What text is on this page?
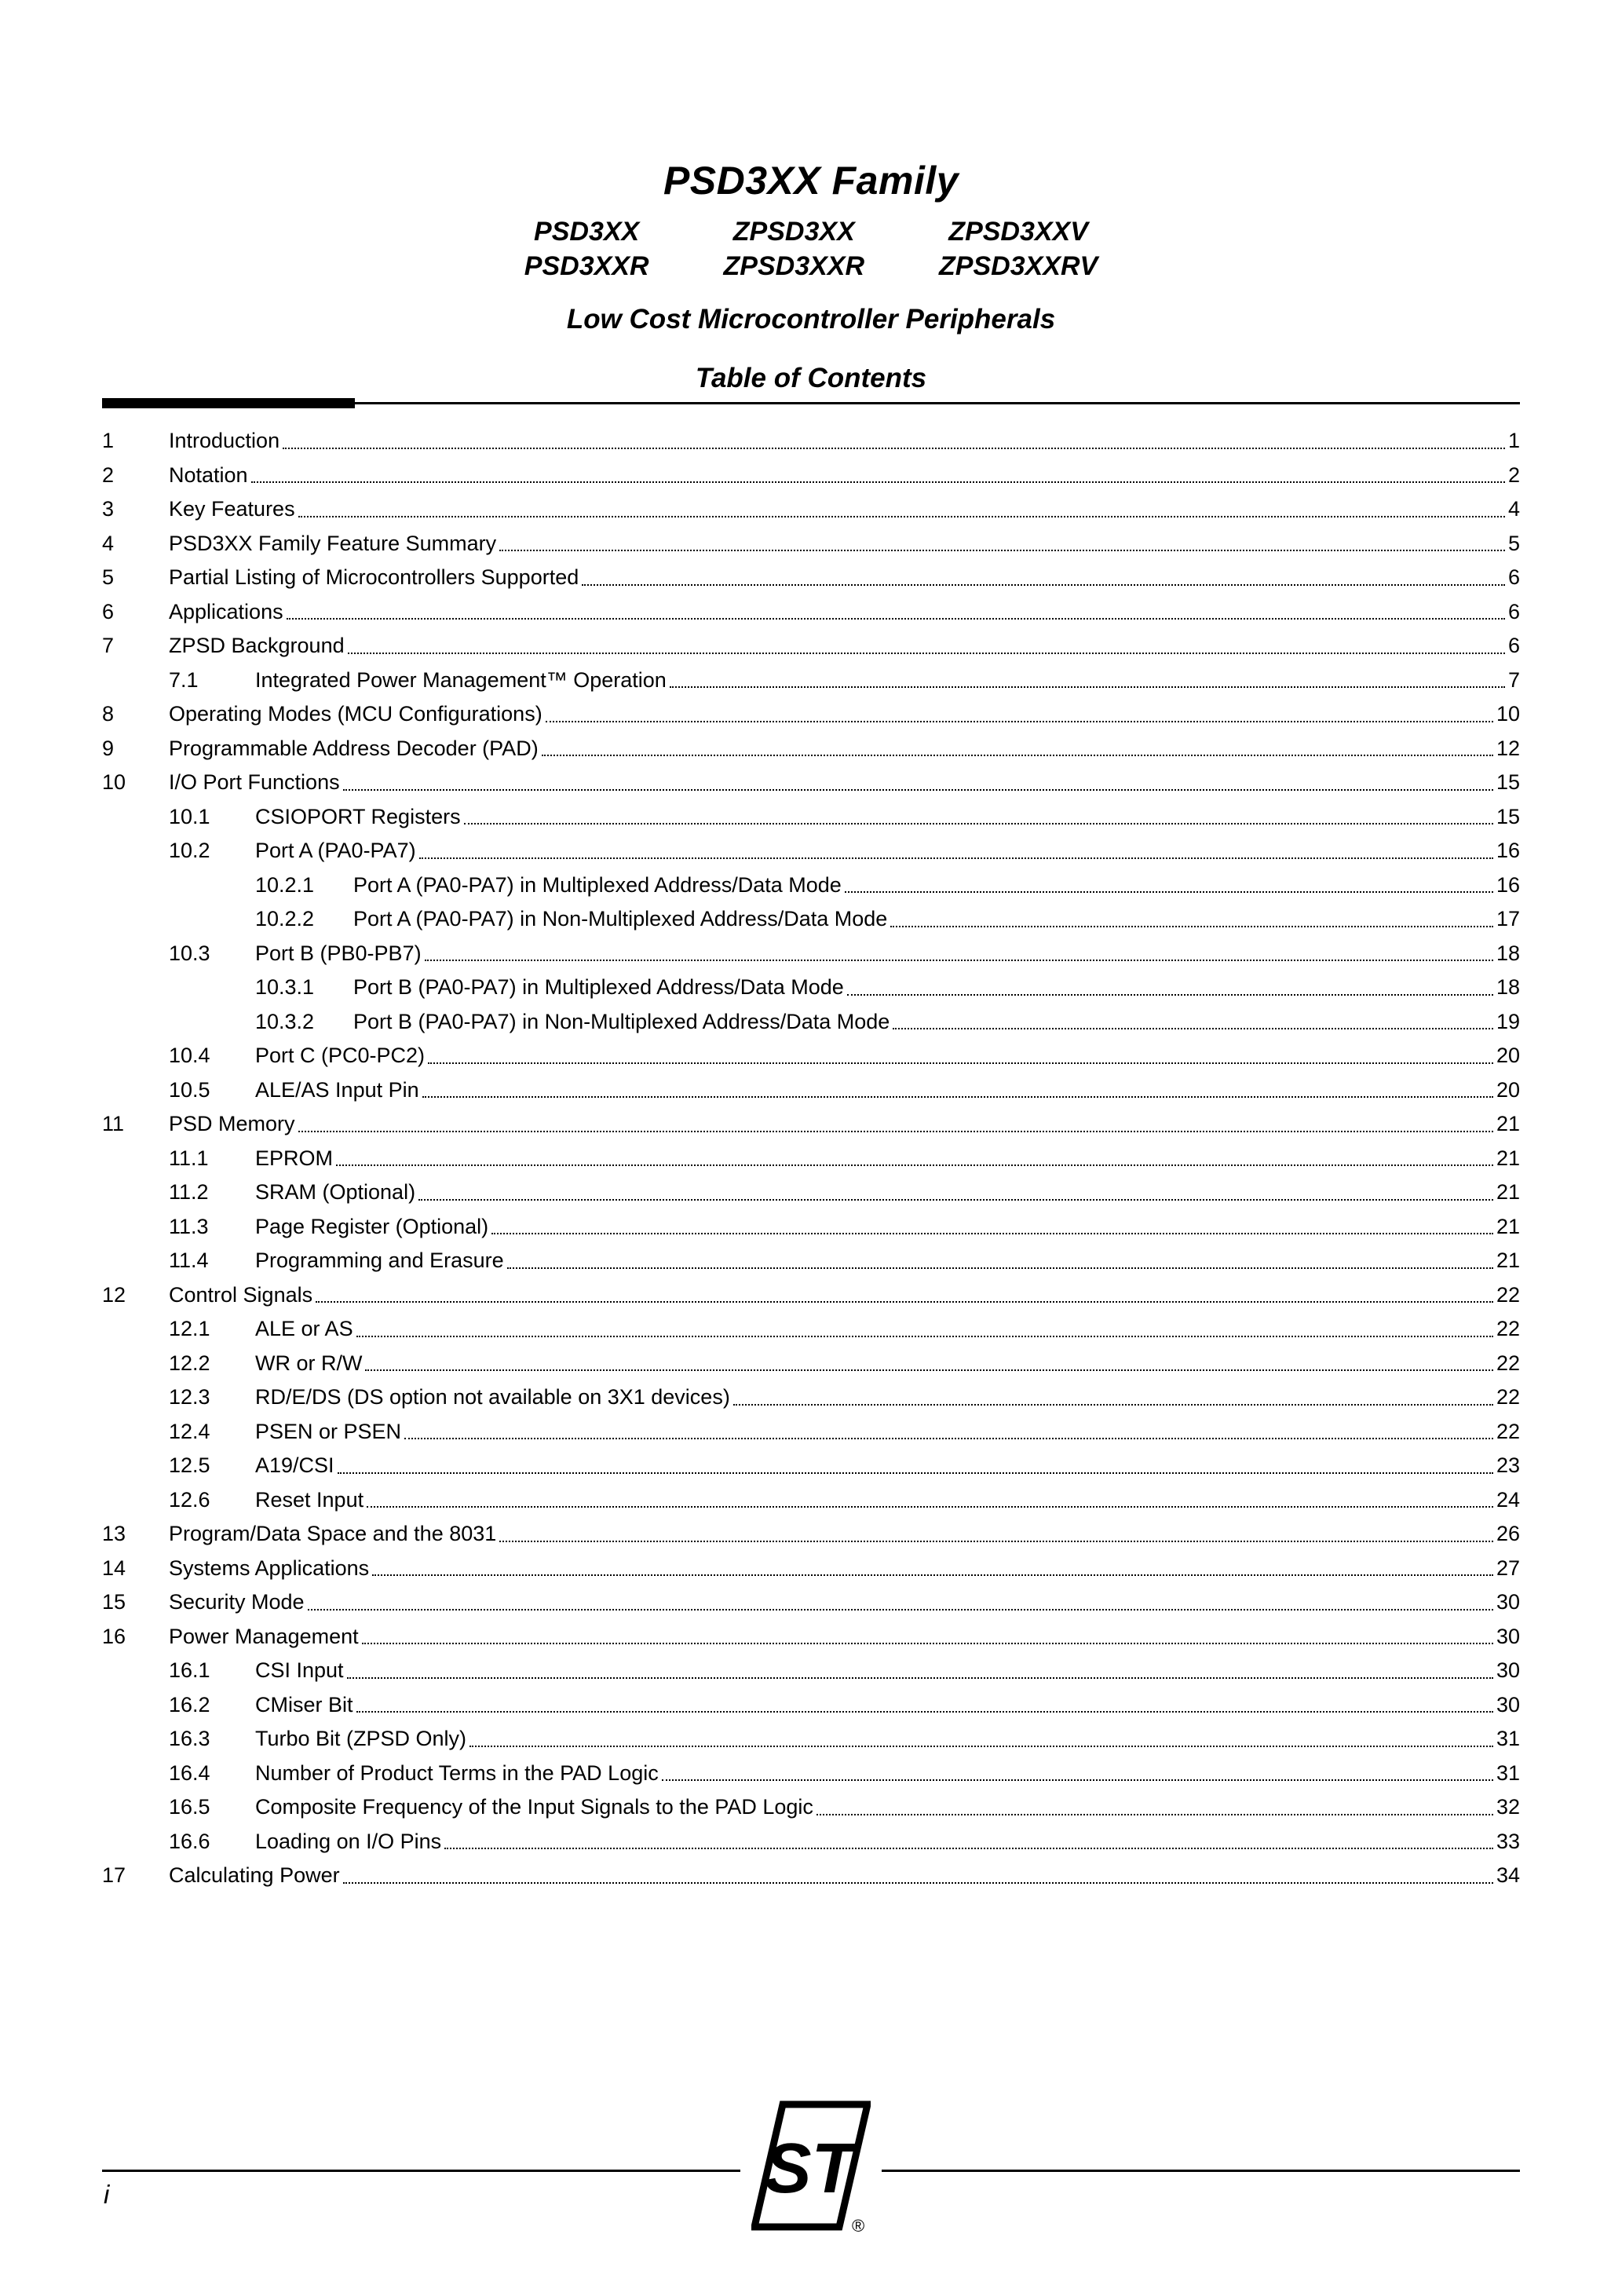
PSD3XX Family
PSD3XX	ZPSD3XX	ZPSD3XXV
PSD3XXR	ZPSD3XXR	ZPSD3XXRV
Low Cost Microcontroller Peripherals
Table of Contents
1	Introduction	1
2	Notation	2
3	Key Features	4
4	PSD3XX Family Feature Summary	5
5	Partial Listing of Microcontrollers Supported	6
6	Applications	6
7	ZPSD Background	6
7.1	Integrated Power Management™ Operation	7
8	Operating Modes (MCU Configurations)	10
9	Programmable Address Decoder (PAD)	12
10	I/O Port Functions	15
10.1	CSIOPORT Registers	15
10.2	Port A (PA0-PA7)	16
10.2.1	Port A (PA0-PA7) in Multiplexed Address/Data Mode	16
10.2.2	Port A (PA0-PA7) in Non-Multiplexed Address/Data Mode	17
10.3	Port B (PB0-PB7)	18
10.3.1	Port B (PA0-PA7) in Multiplexed Address/Data Mode	18
10.3.2	Port B (PA0-PA7) in Non-Multiplexed Address/Data Mode	19
10.4	Port C (PC0-PC2)	20
10.5	ALE/AS Input Pin	20
11	PSD Memory	21
11.1	EPROM	21
11.2	SRAM (Optional)	21
11.3	Page Register (Optional)	21
11.4	Programming and Erasure	21
12	Control Signals	22
12.1	ALE or AS	22
12.2	WR or R/W	22
12.3	RD/E/DS (DS option not available on 3X1 devices)	22
12.4	PSEN or PSEN	22
12.5	A19/CSI	23
12.6	Reset Input	24
13	Program/Data Space and the 8031	26
14	Systems Applications	27
15	Security Mode	30
16	Power Management	30
16.1	CSI Input	30
16.2	CMiser Bit	30
16.3	Turbo Bit (ZPSD Only)	31
16.4	Number of Product Terms in the PAD Logic	31
16.5	Composite Frequency of the Input Signals to the PAD Logic	32
16.6	Loading on I/O Pins	33
17	Calculating Power	34
i	ST
®
